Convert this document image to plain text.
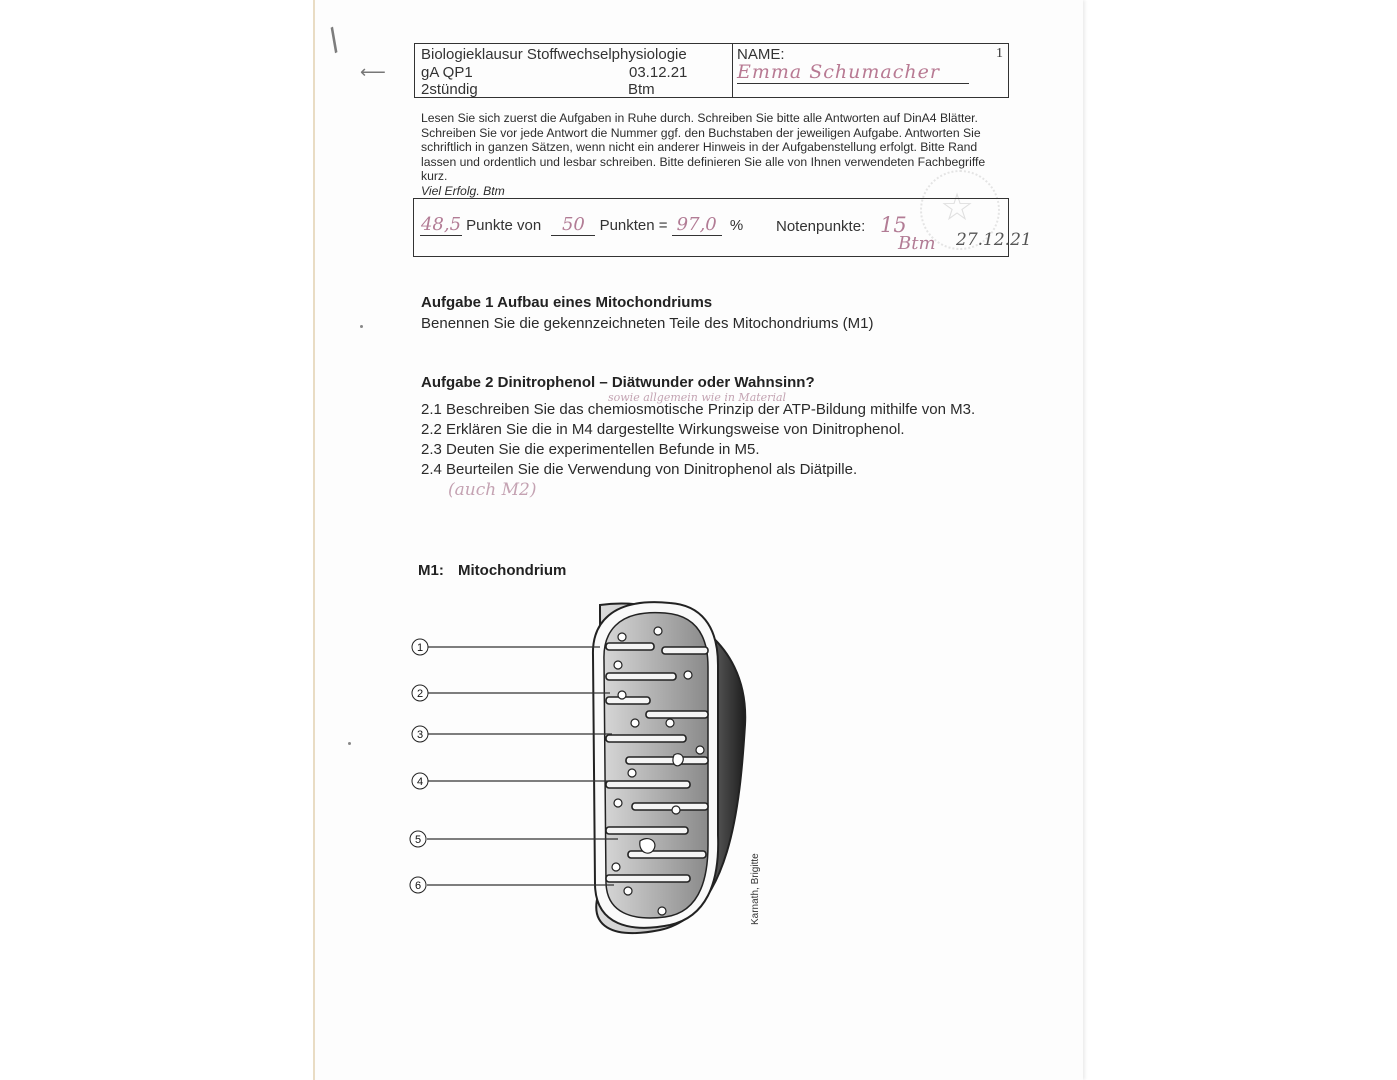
/
⟵
Biologieklausur Stoffwechselphysiologie
gA QP1
2stündig
03.12.21
Btm
NAME:	1
Emma Schumacher
Lesen Sie sich zuerst die Aufgaben in Ruhe durch. Schreiben Sie bitte alle Antworten auf DinA4 Blätter. Schreiben Sie vor jede Antwort die Nummer ggf. den Buchstaben der jeweiligen Aufgabe. Antworten Sie schriftlich in ganzen Sätzen, wenn nicht ein anderer Hinweis in der Aufgabenstellung erfolgt. Bitte Rand lassen und ordentlich und lesbar schreiben. Bitte definieren Sie alle von Ihnen verwendeten Fachbegriffe kurz.
Viel Erfolg. Btm	☆
48,5 Punkte von 50 Punkten = 97,0 % Notenpunkte: 15
Btm 27.12.21
Aufgabe 1 Aufbau eines Mitochondriums
Benennen Sie die gekennzeichneten Teile des Mitochondriums (M1)
Aufgabe 2 Dinitrophenol – Diätwunder oder Wahnsinn?
sowie allgemein wie in Material
2.1 Beschreiben Sie das chemiosmotische Prinzip der ATP-Bildung mithilfe von M3.
2.2 Erklären Sie die in M4 dargestellte Wirkungsweise von Dinitrophenol.
2.3 Deuten Sie die experimentellen Befunde in M5.
2.4 Beurteilen Sie die Verwendung von Dinitrophenol als Diätpille.
(auch M2)
M1: Mitochondrium
1
2
3
4
5
6	Karnath, Brigitte
